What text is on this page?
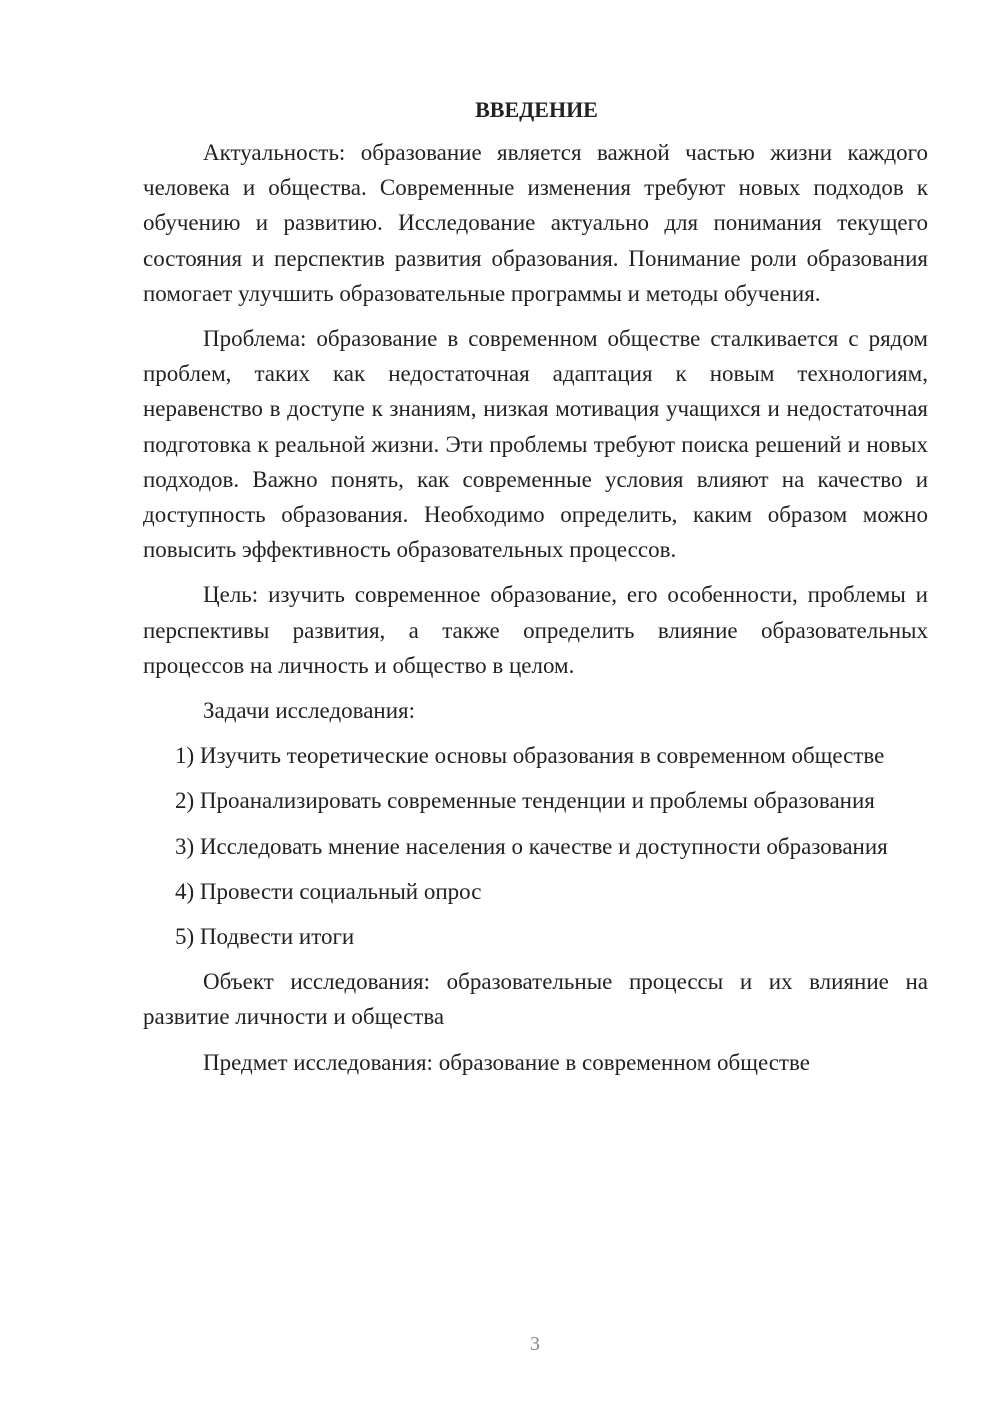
ВВЕДЕНИЕ

Актуальность: образование является важной частью жизни каждого человека и общества. Современные изменения требуют новых подходов к обучению и развитию. Исследование актуально для понимания текущего состояния и перспектив развития образования. Понимание роли образования помогает улучшить образовательные программы и методы обучения.

Проблема: образование в современном обществе сталкивается с рядом проблем, таких как недостаточная адаптация к новым технологиям, неравенство в доступе к знаниям, низкая мотивация учащихся и недостаточная подготовка к реальной жизни. Эти проблемы требуют поиска решений и новых подходов. Важно понять, как современные условия влияют на качество и доступность образования. Необходимо определить, каким образом можно повысить эффективность образовательных процессов.

Цель: изучить современное образование, его особенности, проблемы и перспективы развития, а также определить влияние образовательных процессов на личность и общество в целом.

Задачи исследования:

1) Изучить теоретические основы образования в современном обществе

2) Проанализировать современные тенденции и проблемы образования

3) Исследовать мнение населения о качестве и доступности образования

4) Провести социальный опрос

5) Подвести итоги

Объект исследования: образовательные процессы и их влияние на развитие личности и общества

Предмет исследования: образование в современном обществе

3
